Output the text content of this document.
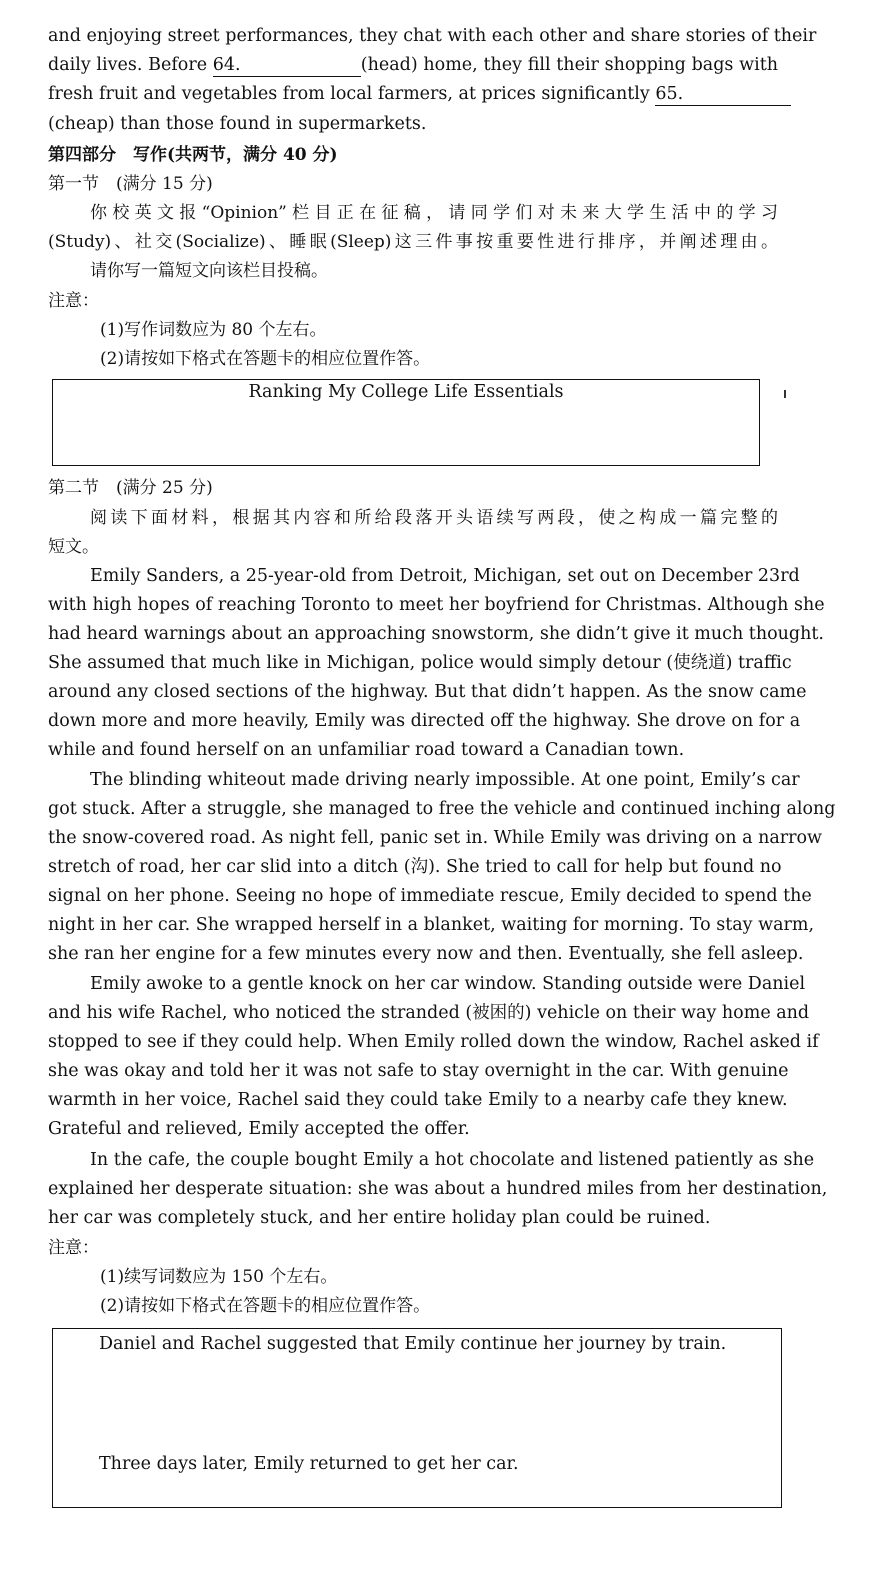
and enjoying street performances, they chat with each other and share stories of their
daily lives. Before 64.	(head) home, they fill their shopping bags with
fresh fruit and vegetables from local farmers, at prices significantly 65.
(cheap) than those found in supermarkets.
第四部分　写作(共两节，满分 40 分)
第一节　(满分 15 分)
你校英文报“Opinion”栏目正在征稿，请同学们对未来大学生活中的学习
(Study)、社交(Socialize)、睡眠(Sleep)这三件事按重要性进行排序，并阐述理由。
请你写一篇短文向该栏目投稿。
注意：
(1)写作词数应为 80 个左右。
(2)请按如下格式在答题卡的相应位置作答。
Ranking My College Life Essentials
第二节　(满分 25 分)
阅读下面材料，根据其内容和所给段落开头语续写两段，使之构成一篇完整的
短文。
Emily Sanders, a 25-year-old from Detroit, Michigan, set out on December 23rd
with high hopes of reaching Toronto to meet her boyfriend for Christmas. Although she
had heard warnings about an approaching snowstorm, she didn’t give it much thought.
She assumed that much like in Michigan, police would simply detour (使绕道) traffic
around any closed sections of the highway. But that didn’t happen. As the snow came
down more and more heavily, Emily was directed off the highway. She drove on for a
while and found herself on an unfamiliar road toward a Canadian town.
The blinding whiteout made driving nearly impossible. At one point, Emily’s car
got stuck. After a struggle, she managed to free the vehicle and continued inching along
the snow-covered road. As night fell, panic set in. While Emily was driving on a narrow
stretch of road, her car slid into a ditch (沟). She tried to call for help but found no
signal on her phone. Seeing no hope of immediate rescue, Emily decided to spend the
night in her car. She wrapped herself in a blanket, waiting for morning. To stay warm,
she ran her engine for a few minutes every now and then. Eventually, she fell asleep.
Emily awoke to a gentle knock on her car window. Standing outside were Daniel
and his wife Rachel, who noticed the stranded (被困的) vehicle on their way home and
stopped to see if they could help. When Emily rolled down the window, Rachel asked if
she was okay and told her it was not safe to stay overnight in the car. With genuine
warmth in her voice, Rachel said they could take Emily to a nearby cafe they knew.
Grateful and relieved, Emily accepted the offer.
In the cafe, the couple bought Emily a hot chocolate and listened patiently as she
explained her desperate situation: she was about a hundred miles from her destination,
her car was completely stuck, and her entire holiday plan could be ruined.
注意：
(1)续写词数应为 150 个左右。
(2)请按如下格式在答题卡的相应位置作答。
Daniel and Rachel suggested that Emily continue her journey by train.
Three days later, Emily returned to get her car.
